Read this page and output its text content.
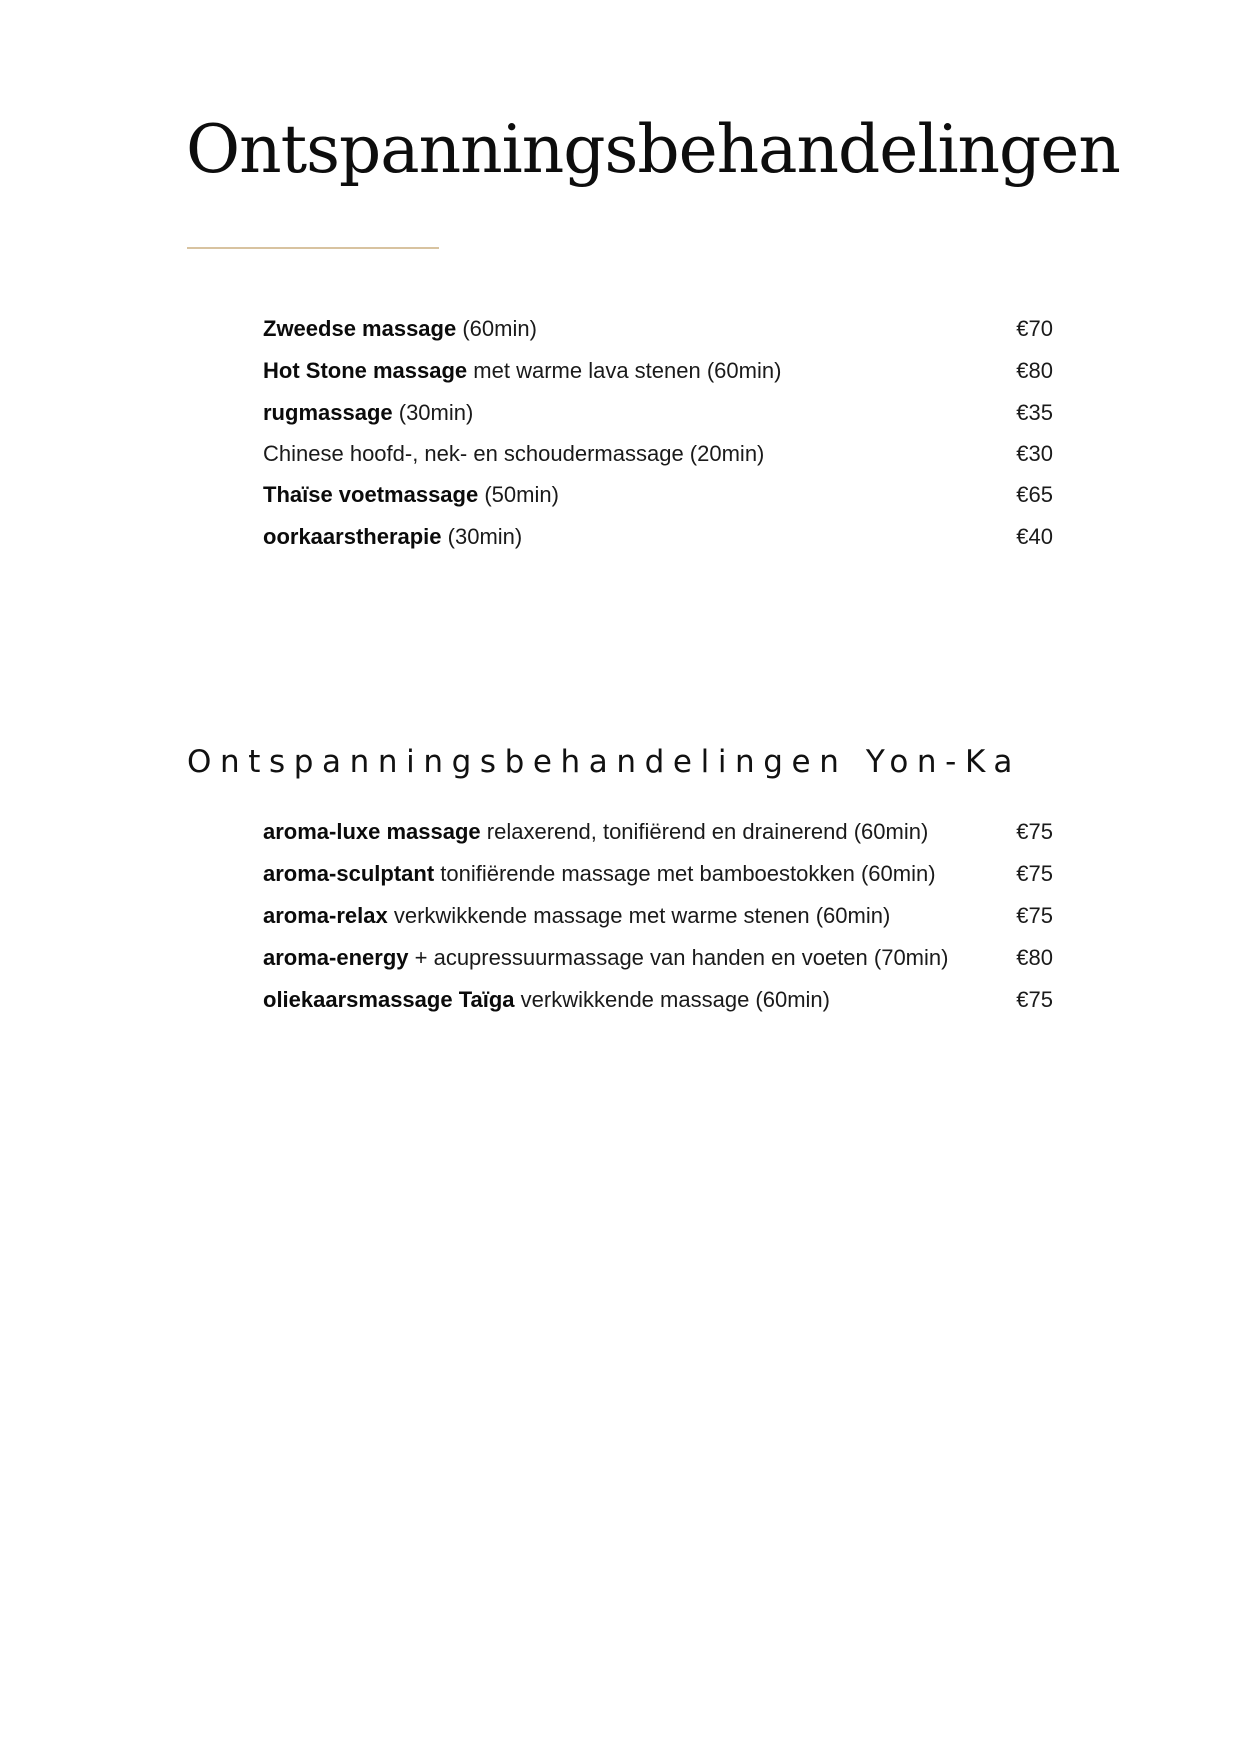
Ontspanningsbehandelingen
Zweedse massage (60min)	€70
Hot Stone massage met warme lava stenen (60min)	€80
rugmassage (30min)	€35
Chinese hoofd-, nek- en schoudermassage (20min)	€30
Thaïse voetmassage (50min)	€65
oorkaarstherapie (30min)	€40
Ontspanningsbehandelingen Yon-Ka
aroma-luxe massage relaxerend, tonifiërend en drainerend (60min)	€75
aroma-sculptant tonifiërende massage met bamboestokken (60min)	€75
aroma-relax verkwikkende massage met warme stenen (60min)	€75
aroma-energy + acupressuurmassage van handen en voeten (70min)	€80
oliekaarsmassage Taïga verkwikkende massage (60min)	€75
